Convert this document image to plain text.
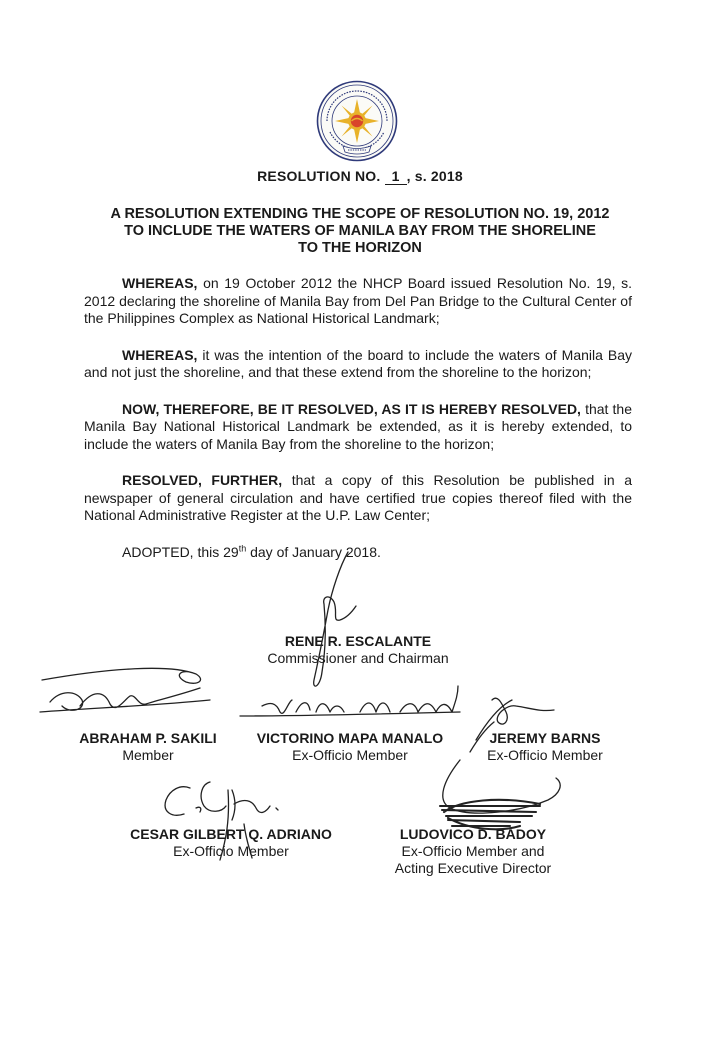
RESOLUTION NO. 1 , s. 2018
A RESOLUTION EXTENDING THE SCOPE OF RESOLUTION NO. 19, 2012
TO INCLUDE THE WATERS OF MANILA BAY FROM THE SHORELINE
TO THE HORIZON

WHEREAS, on 19 October 2012 the NHCP Board issued Resolution No. 19, s. 2012 declaring the shoreline of Manila Bay from Del Pan Bridge to the Cultural Center of the Philippines Complex as National Historical Landmark;

WHEREAS, it was the intention of the board to include the waters of Manila Bay and not just the shoreline, and that these extend from the shoreline to the horizon;

NOW, THEREFORE, BE IT RESOLVED, AS IT IS HEREBY RESOLVED, that the Manila Bay National Historical Landmark be extended, as it is hereby extended, to include the waters of Manila Bay from the shoreline to the horizon;

RESOLVED, FURTHER, that a copy of this Resolution be published in a newspaper of general circulation and have certified true copies thereof filed with the National Administrative Register at the U.P. Law Center;

ADOPTED, this 29th day of January 2018.

RENE R. ESCALANTE
Commissioner and Chairman
ABRAHAM P. SAKILI
Member
VICTORINO MAPA MANALO
Ex-Officio Member
JEREMY BARNS
Ex-Officio Member
CESAR GILBERT Q. ADRIANO
Ex-Officio Member
LUDOVICO D. BADOY
Ex-Officio Member and
Acting Executive Director
